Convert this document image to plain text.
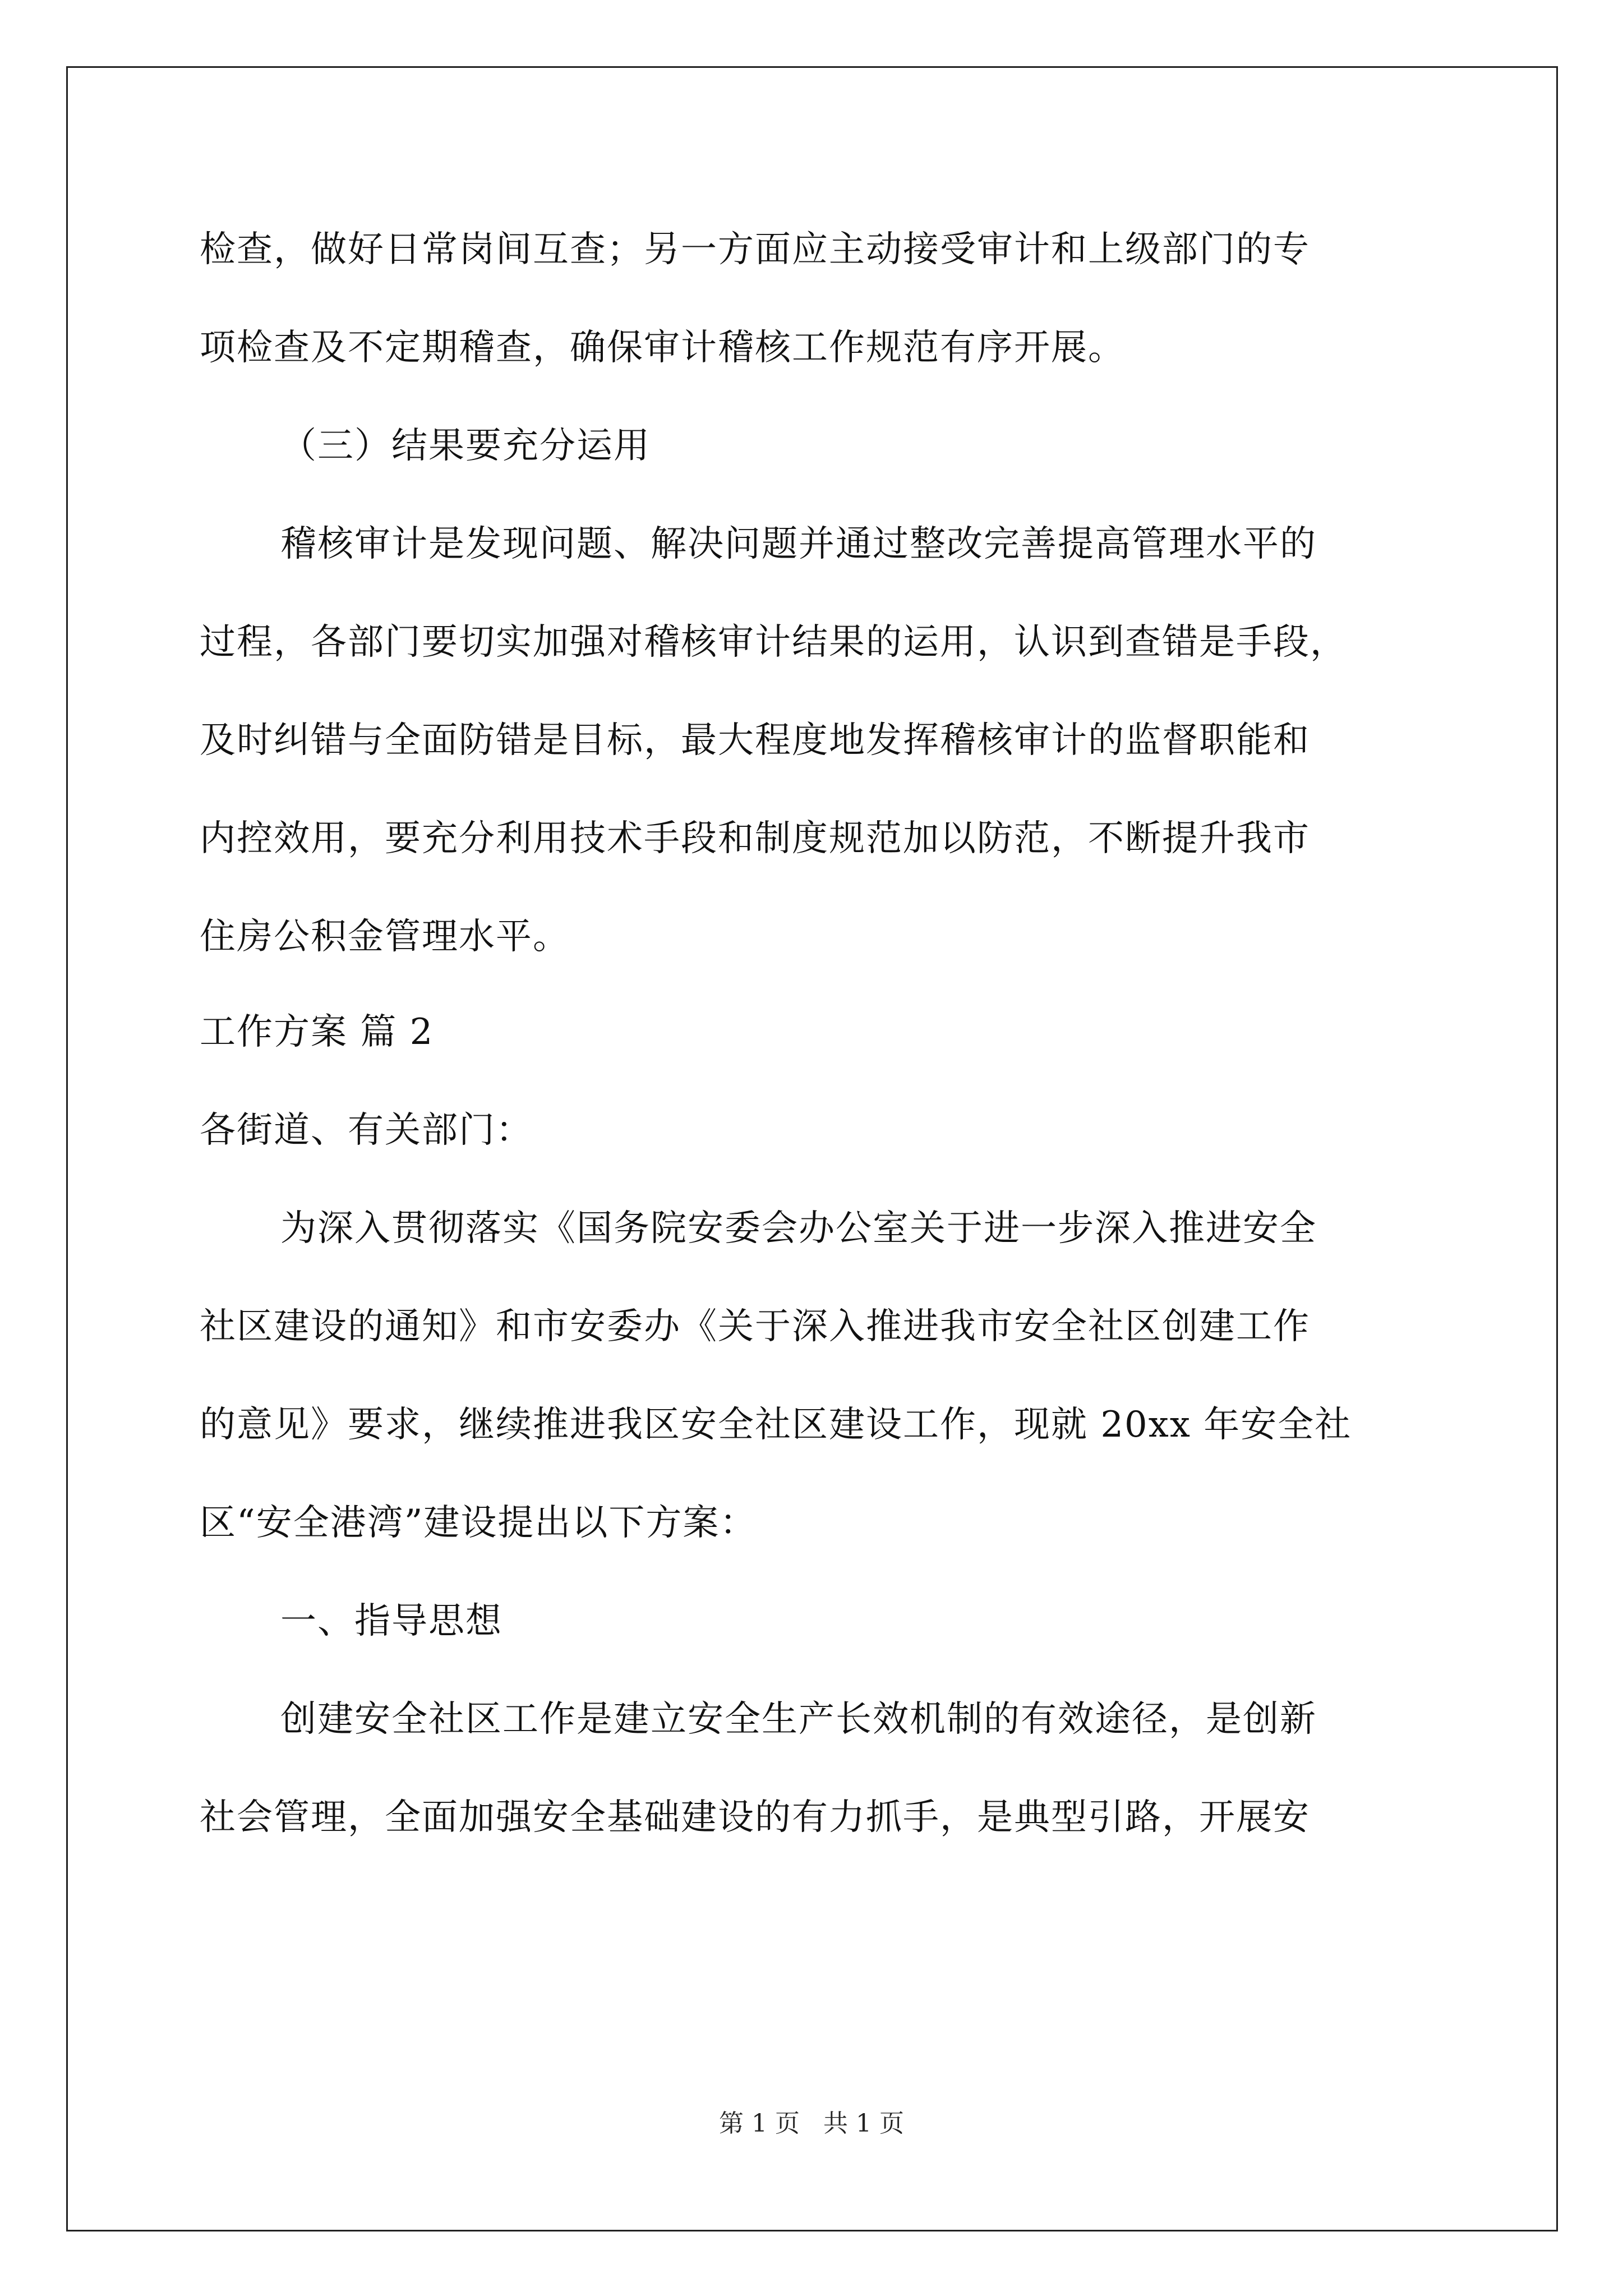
检查，做好日常岗间互查；另一方面应主动接受审计和上级部门的专
项检查及不定期稽查，确保审计稽核工作规范有序开展。
（三）结果要充分运用
稽核审计是发现问题、解决问题并通过整改完善提高管理水平的
过程，各部门要切实加强对稽核审计结果的运用，认识到查错是手段，
及时纠错与全面防错是目标，最大程度地发挥稽核审计的监督职能和
内控效用，要充分利用技术手段和制度规范加以防范，不断提升我市
住房公积金管理水平。
工作方案 篇 2
各街道、有关部门：
为深入贯彻落实《国务院安委会办公室关于进一步深入推进安全
社区建设的通知》和市安委办《关于深入推进我市安全社区创建工作
的意见》要求，继续推进我区安全社区建设工作，现就 20xx 年安全社
区“安全港湾”建设提出以下方案：
一、指导思想
创建安全社区工作是建立安全生产长效机制的有效途径，是创新
社会管理，全面加强安全基础建设的有力抓手，是典型引路，开展安
第 1 页 共 1 页
